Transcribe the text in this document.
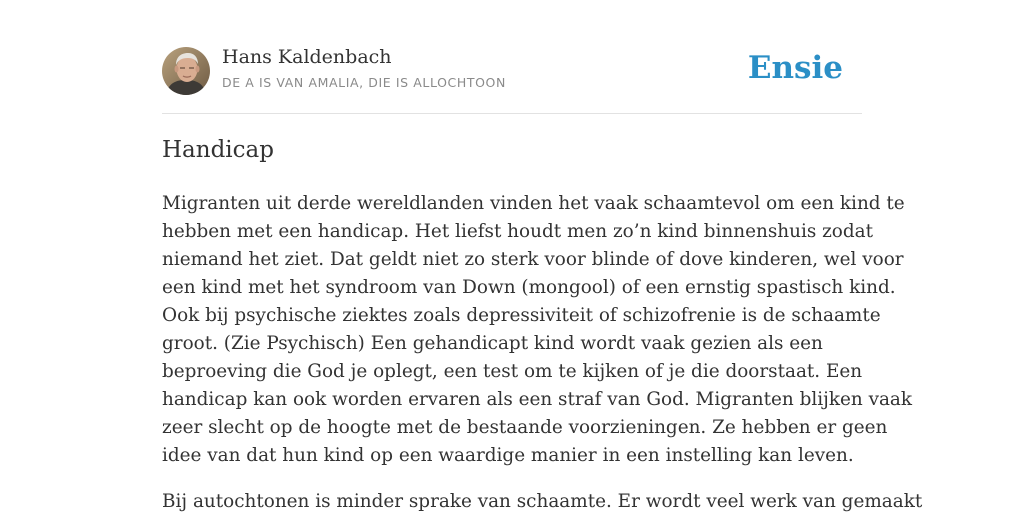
Hans Kaldenbach
DE A IS VAN AMALIA, DIE IS ALLOCHTOON	Ensie
Handicap

Migranten uit derde wereldlanden vinden het vaak schaamtevol om een kind te
hebben met een handicap. Het liefst houdt men zo’n kind binnenshuis zodat
niemand het ziet. Dat geldt niet zo sterk voor blinde of dove kinderen, wel voor
een kind met het syndroom van Down (mongool) of een ernstig spastisch kind.
Ook bij psychische ziektes zoals depressiviteit of schizofrenie is de schaamte
groot. (Zie Psychisch) Een gehandicapt kind wordt vaak gezien als een
beproeving die God je oplegt, een test om te kijken of je die doorstaat. Een
handicap kan ook worden ervaren als een straf van God. Migranten blijken vaak
zeer slecht op de hoogte met de bestaande voorzieningen. Ze hebben er geen
idee van dat hun kind op een waardige manier in een instelling kan leven.

Bij autochtonen is minder sprake van schaamte. Er wordt veel werk van gemaakt
